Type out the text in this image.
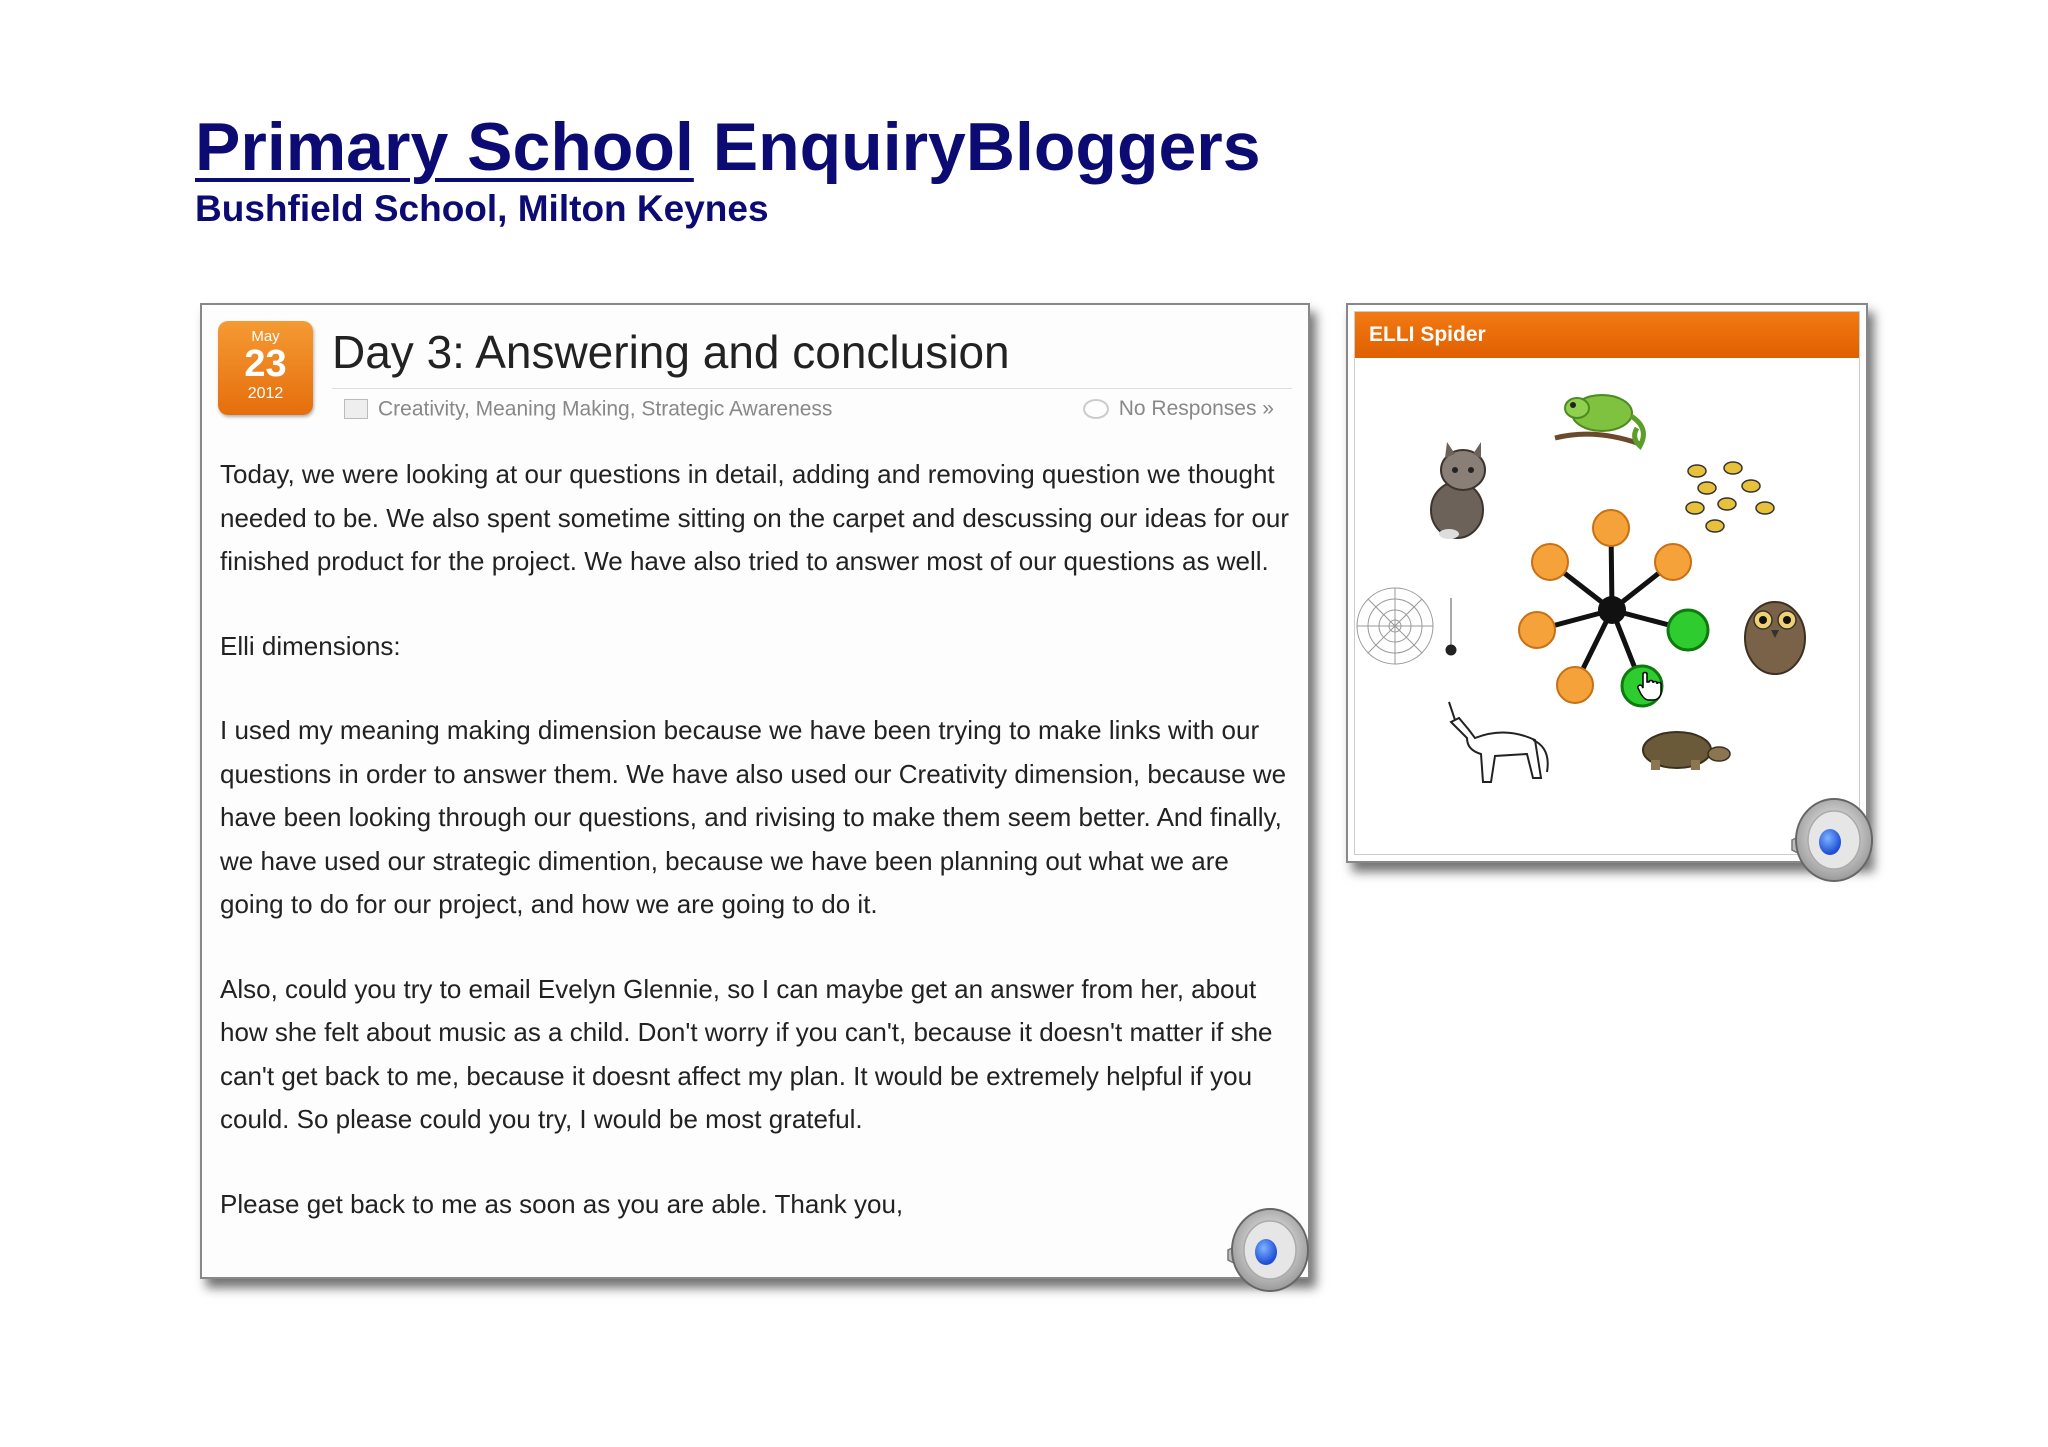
Primary School EnquiryBloggers
Bushfield School, Milton Keynes
May
23
2012
Day 3: Answering and conclusion
Creativity, Meaning Making, Strategic Awareness	No Responses »

Today, we were looking at our questions in detail, adding and removing question we thought needed to be. We also spent sometime sitting on the carpet and descussing our ideas for our finished product for the project. We have also tried to answer most of our questions as well.

Elli dimensions:

I used my meaning making dimension because we have been trying to make links with our questions in order to answer them. We have also used our Creativity dimension, because we have been looking through our questions, and rivising to make them seem better. And finally, we have used our strategic dimention, because we have been planning out what we are going to do for our project, and how we are going to do it.

Also, could you try to email Evelyn Glennie, so I can maybe get an answer from her, about how she felt about music as a child. Don't worry if you can't, because it doesn't matter if she can't get back to me, because it doesnt affect my plan. It would be extremely helpful if you could. So please could you try, I would be most grateful.

Please get back to me as soon as you are able. Thank you,

ELLI Spider
